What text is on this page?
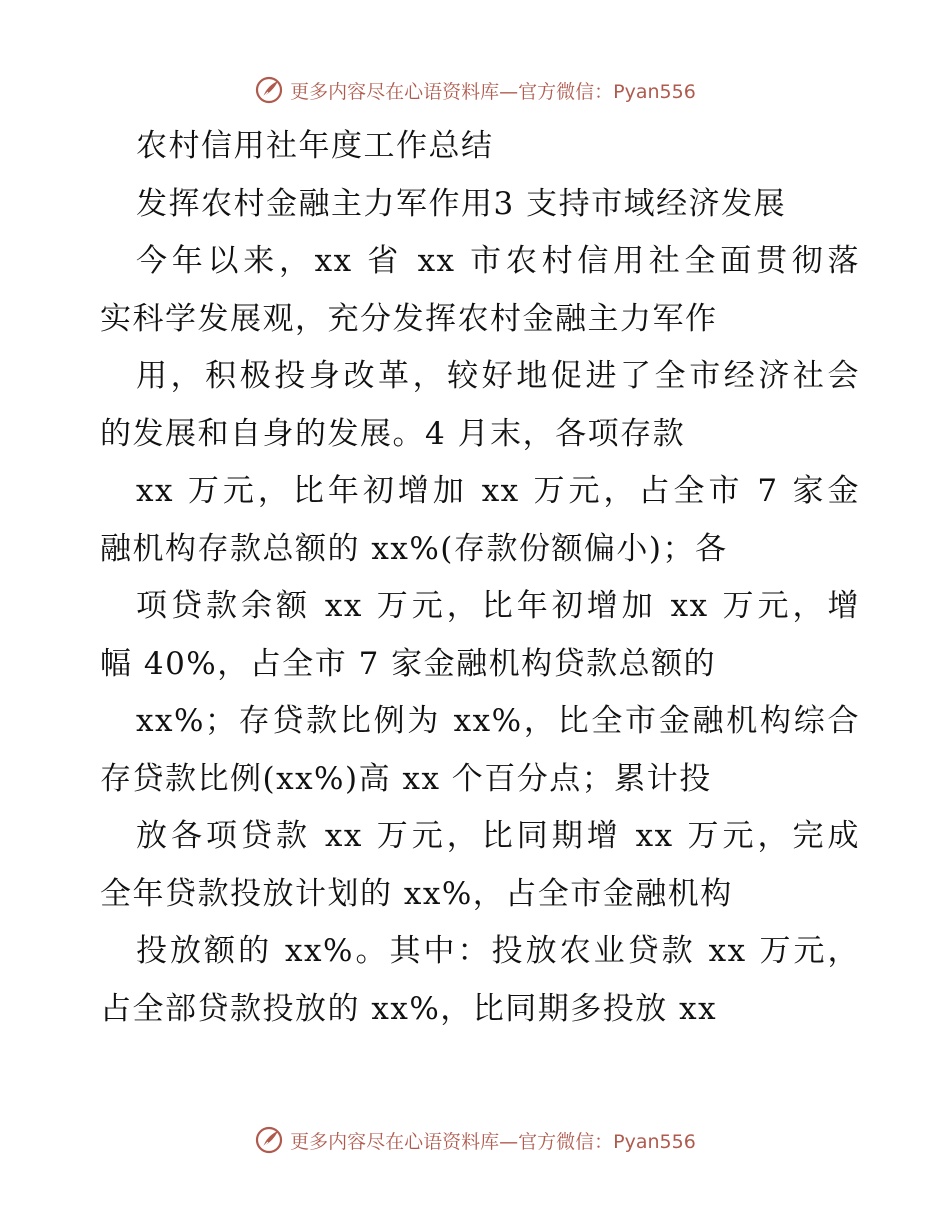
更多内容尽在心语资料库 —官方微信：Pyan556
农村信用社年度工作总结
发挥农村金融主力军作用3 支持市域经济发展
今年以来，xx 省 xx 市农村信用社全面贯彻落
实科学发展观，充分发挥农村金融主力军作
用，积极投身改革，较好地促进了全市经济社会
的发展和自身的发展。4 月末，各项存款
xx 万元，比年初增加 xx 万元，占全市 7 家金
融机构存款总额的 xx%(存款份额偏小)；各
项贷款余额 xx 万元，比年初增加 xx 万元，增
幅 40%，占全市 7 家金融机构贷款总额的
xx%；存贷款比例为 xx%，比全市金融机构综合
存贷款比例(xx%)高 xx 个百分点；累计投
放各项贷款 xx 万元，比同期增 xx 万元，完成
全年贷款投放计划的 xx%，占全市金融机构
投放额的 xx%。其中：投放农业贷款 xx 万元，
占全部贷款投放的 xx%，比同期多投放 xx
更多内容尽在心语资料库 —官方微信：Pyan556
